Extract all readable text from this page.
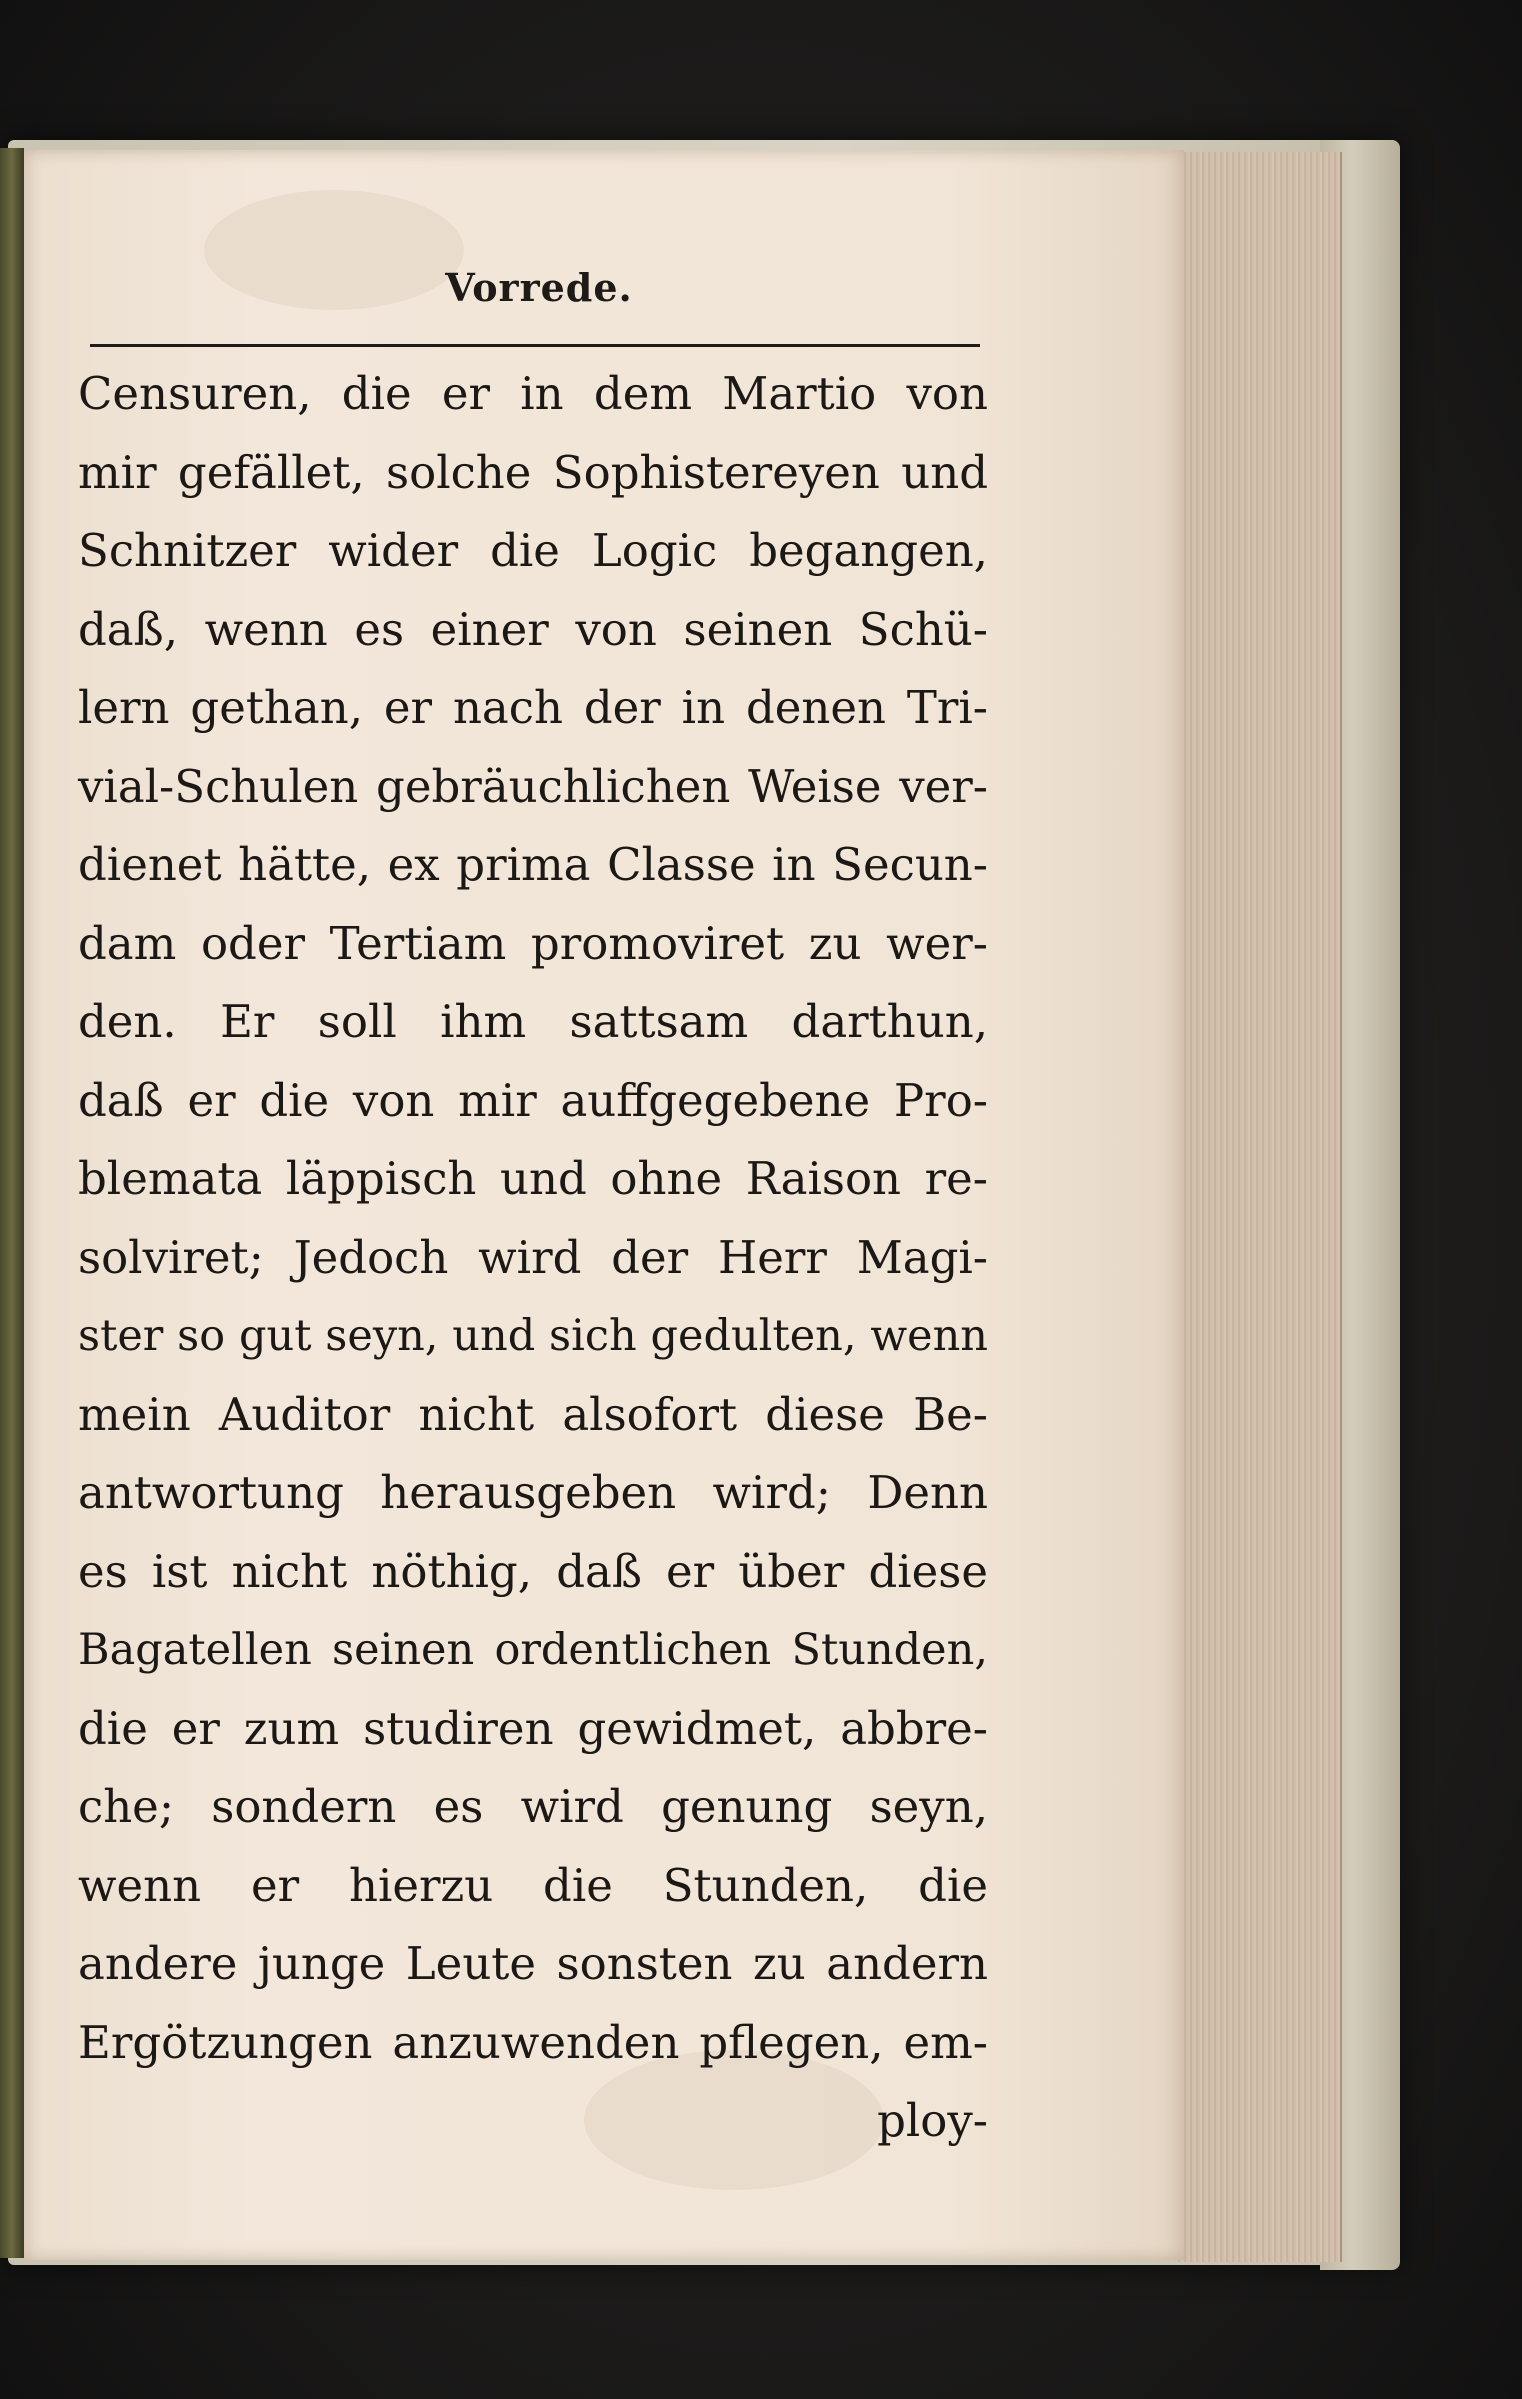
Vorrede.
Censuren, die er in dem Martio von
mir gefället, solche Sophistereyen und
Schnitzer wider die Logic begangen,
daß, wenn es einer von seinen Schü-
lern gethan, er nach der in denen Tri-
vial-Schulen gebräuchlichen Weise ver-
dienet hätte, ex prima Classe in Secun-
dam oder Tertiam promoviret zu wer-
den. Er soll ihm sattsam darthun,
daß er die von mir auffgegebene Pro-
blemata läppisch und ohne Raison re-
solviret; Jedoch wird der Herr Magi-
ster so gut seyn, und sich gedulten, wenn
mein Auditor nicht alsofort diese Be-
antwortung herausgeben wird; Denn
es ist nicht nöthig, daß er über diese
Bagatellen seinen ordentlichen Stunden,
die er zum studiren gewidmet, abbre-
che; sondern es wird genung seyn,
wenn er hierzu die Stunden, die
andere junge Leute sonsten zu andern
Ergötzungen anzuwenden pflegen, em-
ploy-
